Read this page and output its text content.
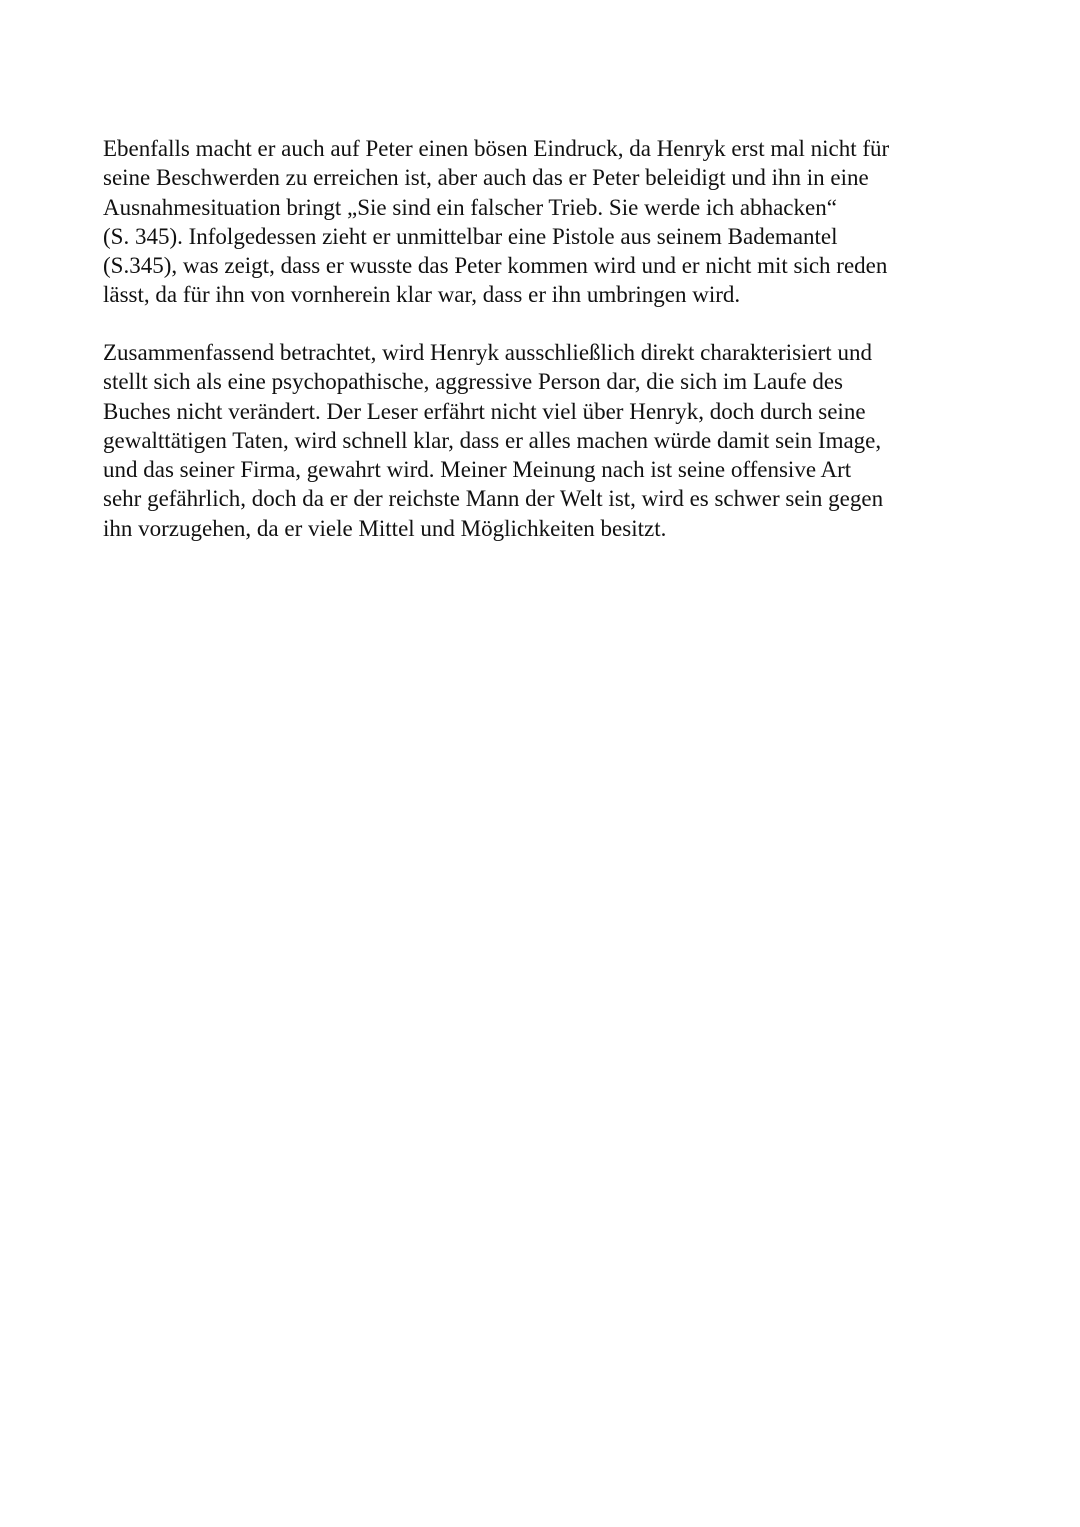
Ebenfalls macht er auch auf Peter einen bösen Eindruck, da Henryk erst mal nicht für
seine Beschwerden zu erreichen ist, aber auch das er Peter beleidigt und ihn in eine
Ausnahmesituation bringt „Sie sind ein falscher Trieb. Sie werde ich abhacken“
(S. 345). Infolgedessen zieht er unmittelbar eine Pistole aus seinem Bademantel
(S.345), was zeigt, dass er wusste das Peter kommen wird und er nicht mit sich reden
lässt, da für ihn von vornherein klar war, dass er ihn umbringen wird.
Zusammenfassend betrachtet, wird Henryk ausschließlich direkt charakterisiert und
stellt sich als eine psychopathische, aggressive Person dar, die sich im Laufe des
Buches nicht verändert. Der Leser erfährt nicht viel über Henryk, doch durch seine
gewalttätigen Taten, wird schnell klar, dass er alles machen würde damit sein Image,
und das seiner Firma, gewahrt wird. Meiner Meinung nach ist seine offensive Art
sehr gefährlich, doch da er der reichste Mann der Welt ist, wird es schwer sein gegen
ihn vorzugehen, da er viele Mittel und Möglichkeiten besitzt.
